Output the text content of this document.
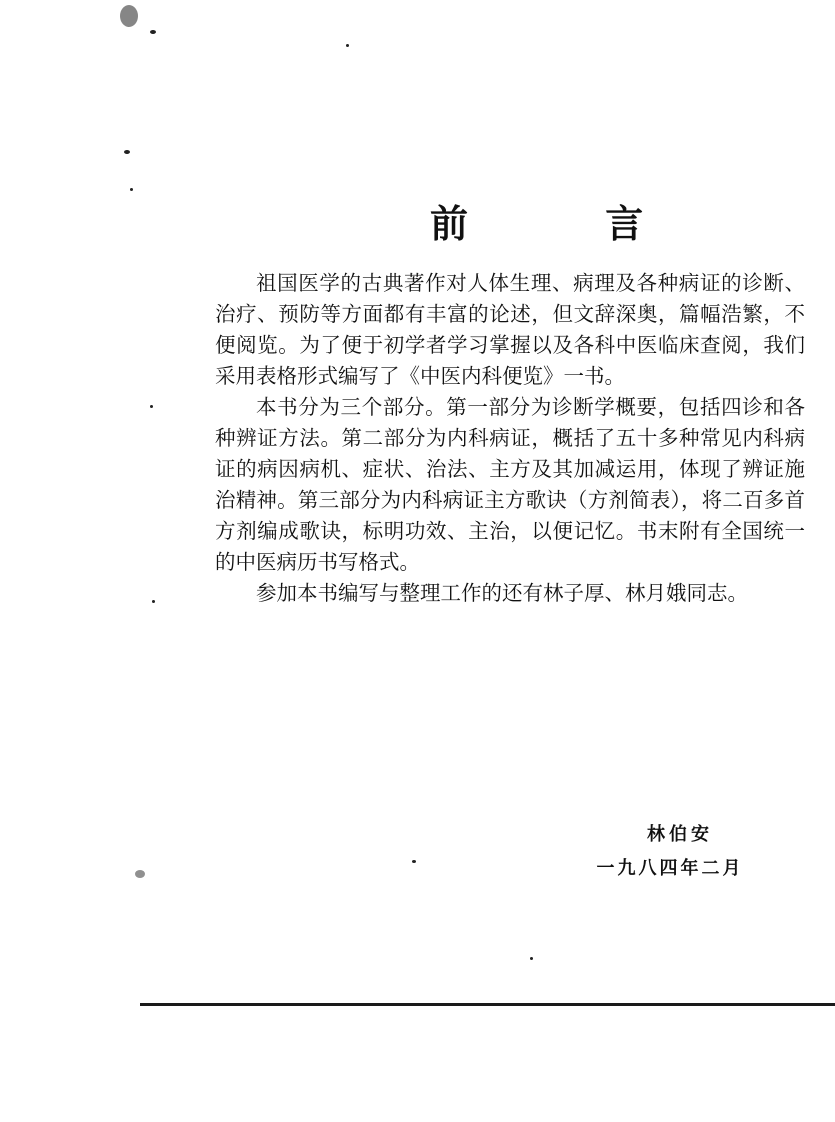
前 言

祖国医学的古典著作对人体生理、病理及各种病证的诊断、治疗、预防等方面都有丰富的论述，但文辞深奥，篇幅浩繁，不便阅览。为了便于初学者学习掌握以及各科中医临床查阅，我们采用表格形式编写了《中医内科便览》一书。

本书分为三个部分。第一部分为诊断学概要，包括四诊和各种辨证方法。第二部分为内科病证，概括了五十多种常见内科病证的病因病机、症状、治法、主方及其加减运用，体现了辨证施治精神。第三部分为内科病证主方歌诀（方剂简表），将二百多首方剂编成歌诀，标明功效、主治，以便记忆。书末附有全国统一的中医病历书写格式。

参加本书编写与整理工作的还有林子厚、林月娥同志。

林伯安
一九八四年二月
